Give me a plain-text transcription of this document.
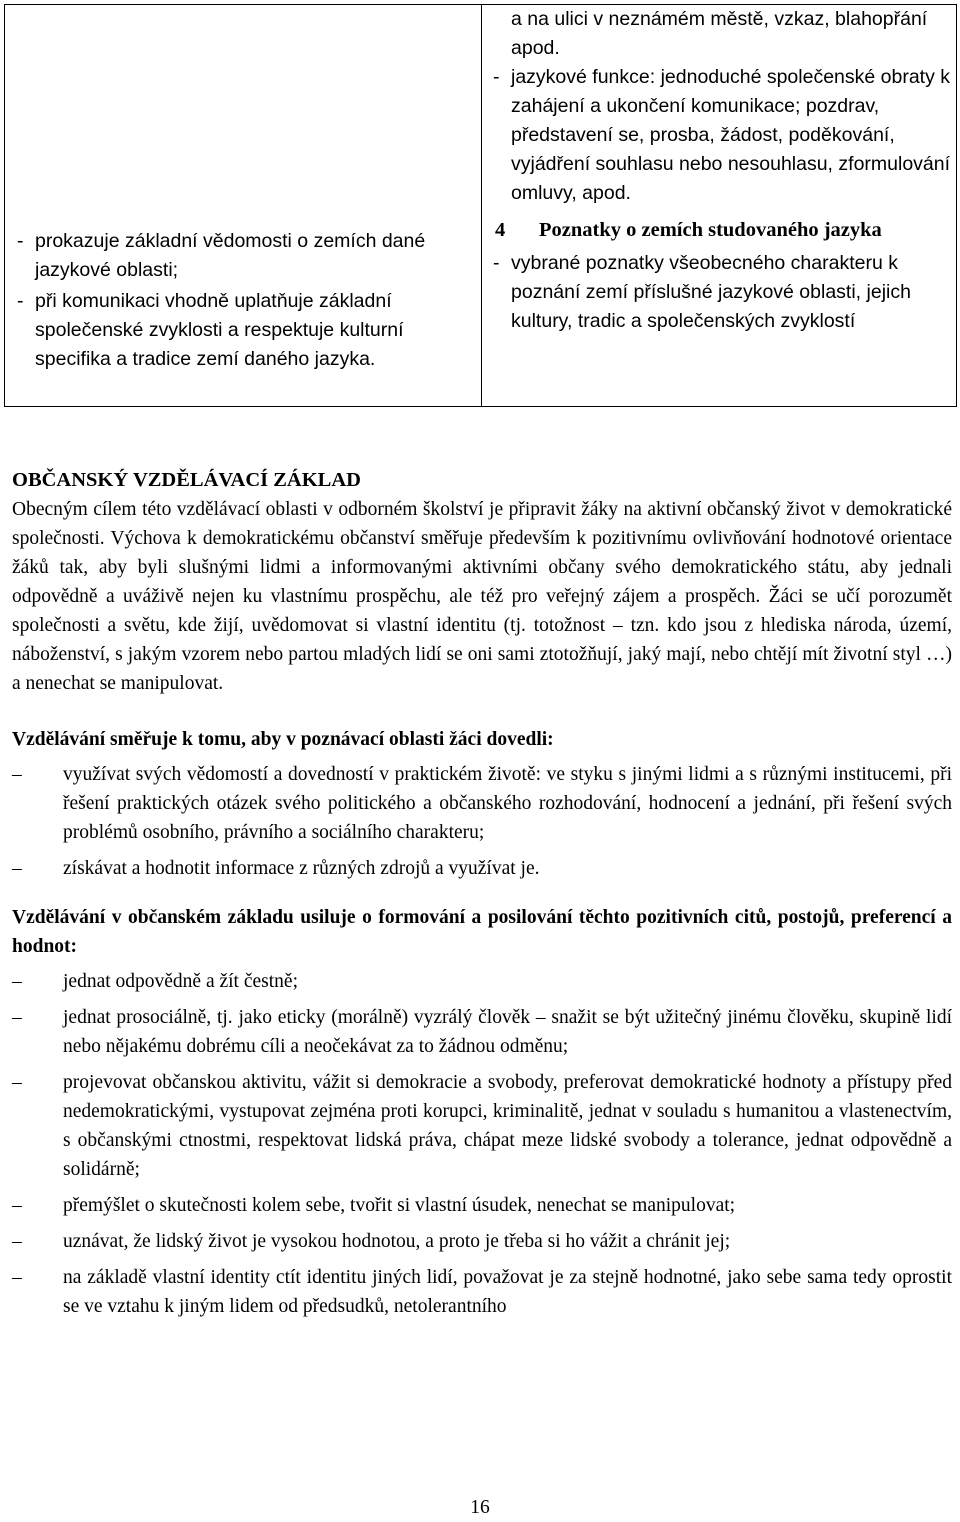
- prokazuje základní vědomosti o zemích dané jazykové oblasti;

- při komunikaci vhodně uplatňuje základní společenské zvyklosti a respektuje kulturní specifika a tradice zemí daného jazyka.

a na ulici v neznámém městě, vzkaz, blahopřání apod.

- jazykové funkce: jednoduché společenské obraty k zahájení a ukončení komunikace; pozdrav, představení se, prosba, žádost, poděkování, vyjádření souhlasu nebo nesouhlasu, zformulování omluvy, apod.

4 Poznatky o zemích studovaného jazyka

- vybrané poznatky všeobecného charakteru k poznání zemí příslušné jazykové oblasti, jejich kultury, tradic a společenských zvyklostí

OBČANSKÝ VZDĚLÁVACÍ ZÁKLAD

Obecným cílem této vzdělávací oblasti v odborném školství je připravit žáky na aktivní občanský život v demokratické společnosti. Výchova k demokratickému občanství směřuje především k pozitivnímu ovlivňování hodnotové orientace žáků tak, aby byli slušnými lidmi a informovanými aktivními občany svého demokratického státu, aby jednali odpovědně a uváživě nejen ku vlastnímu prospěchu, ale též pro veřejný zájem a prospěch. Žáci se učí porozumět společnosti a světu, kde žijí, uvědomovat si vlastní identitu (tj. totožnost – tzn. kdo jsou z hlediska národa, území, náboženství, s jakým vzorem nebo partou mladých lidí se oni sami ztotožňují, jaký mají, nebo chtějí mít životní styl …) a nenechat se manipulovat.

Vzdělávání směřuje k tomu, aby v poznávací oblasti žáci dovedli:

– využívat svých vědomostí a dovedností v praktickém životě: ve styku s jinými lidmi a s různými institucemi, při řešení praktických otázek svého politického a občanského rozhodování, hodnocení a jednání, při řešení svých problémů osobního, právního a sociálního charakteru;
– získávat a hodnotit informace z různých zdrojů a využívat je.

Vzdělávání v občanském základu usiluje o formování a posilování těchto pozitivních citů, postojů, preferencí a hodnot:

– jednat odpovědně a žít čestně;
– jednat prosociálně, tj. jako eticky (morálně) vyzrálý člověk – snažit se být užitečný jinému člověku, skupině lidí nebo nějakému dobrému cíli a neočekávat za to žádnou odměnu;
– projevovat občanskou aktivitu, vážit si demokracie a svobody, preferovat demokratické hodnoty a přístupy před nedemokratickými, vystupovat zejména proti korupci, kriminalitě, jednat v souladu s humanitou a vlastenectvím, s občanskými ctnostmi, respektovat lidská práva, chápat meze lidské svobody a tolerance, jednat odpovědně a solidárně;
– přemýšlet o skutečnosti kolem sebe, tvořit si vlastní úsudek, nenechat se manipulovat;
– uznávat, že lidský život je vysokou hodnotou, a proto je třeba si ho vážit a chránit jej;
– na základě vlastní identity ctít identitu jiných lidí, považovat je za stejně hodnotné, jako sebe sama tedy oprostit se ve vztahu k jiným lidem od předsudků, netolerantního
16
